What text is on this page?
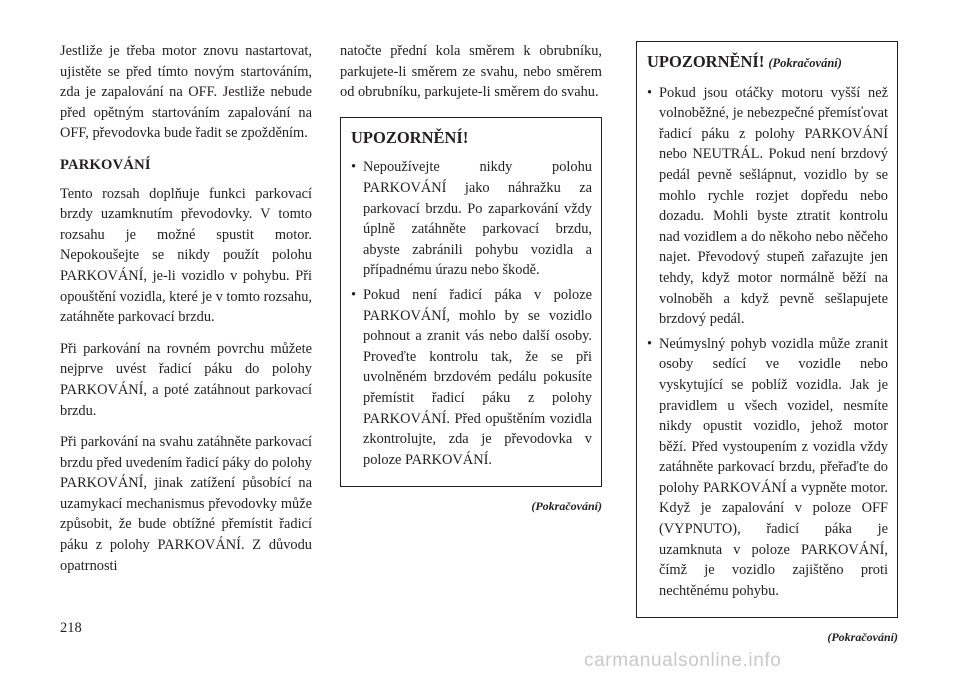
Jestliže je třeba motor znovu nastartovat, ujistěte se před tímto novým startováním, zda je zapalování na OFF. Jestliže nebude před opětným startováním zapalování na OFF, převodovka bude řadit se zpožděním.

PARKOVÁNÍ

Tento rozsah doplňuje funkci parkovací brzdy uzamknutím převodovky. V tomto rozsahu je možné spustit motor. Nepokoušejte se nikdy použít polohu PARKOVÁNÍ, je-li vozidlo v pohybu. Při opouštění vozidla, které je v tomto rozsahu, zatáhněte parkovací brzdu.

Při parkování na rovném povrchu můžete nejprve uvést řadicí páku do polohy PARKOVÁNÍ, a poté zatáhnout parkovací brzdu.

Při parkování na svahu zatáhněte parkovací brzdu před uvedením řadicí páky do polohy PARKOVÁNÍ, jinak zatížení působící na uzamykací mechanismus převodovky může způsobit, že bude obtížné přemístit řadicí páku z polohy PARKOVÁNÍ. Z důvodu opatrnosti

natočte přední kola směrem k obrubníku, parkujete-li směrem ze svahu, nebo směrem od obrubníku, parkujete-li směrem do svahu.

UPOZORNĚNÍ!
• Nepoužívejte nikdy polohu PARKOVÁNÍ jako náhražku za parkovací brzdu. Po zaparkování vždy úplně zatáhněte parkovací brzdu, abyste zabránili pohybu vozidla a případnému úrazu nebo škodě.
• Pokud není řadicí páka v poloze PARKOVÁNÍ, mohlo by se vozidlo pohnout a zranit vás nebo další osoby. Proveďte kontrolu tak, že se při uvolněném brzdovém pedálu pokusíte přemístit řadicí páku z polohy PARKOVÁNÍ. Před opuštěním vozidla zkontrolujte, zda je převodovka v poloze PARKOVÁNÍ.
(Pokračování)
UPOZORNĚNÍ! (Pokračování)
• Pokud jsou otáčky motoru vyšší než volnoběžné, je nebezpečné přemísťovat řadicí páku z polohy PARKOVÁNÍ nebo NEUTRÁL. Pokud není brzdový pedál pevně sešlápnut, vozidlo by se mohlo rychle rozjet dopředu nebo dozadu. Mohli byste ztratit kontrolu nad vozidlem a do někoho nebo něčeho najet. Převodový stupeň zařazujte jen tehdy, když motor normálně běží na volnoběh a když pevně sešlapujete brzdový pedál.
• Neúmyslný pohyb vozidla může zranit osoby sedící ve vozidle nebo vyskytující se poblíž vozidla. Jak je pravidlem u všech vozidel, nesmíte nikdy opustit vozidlo, jehož motor běží. Před vystoupením z vozidla vždy zatáhněte parkovací brzdu, přeřaďte do polohy PARKOVÁNÍ a vypněte motor. Když je zapalování v poloze OFF (VYPNUTO), řadicí páka je uzamknuta v poloze PARKOVÁNÍ, čímž je vozidlo zajištěno proti nechtěnému pohybu.
(Pokračování)
218
carmanualsonline.info
